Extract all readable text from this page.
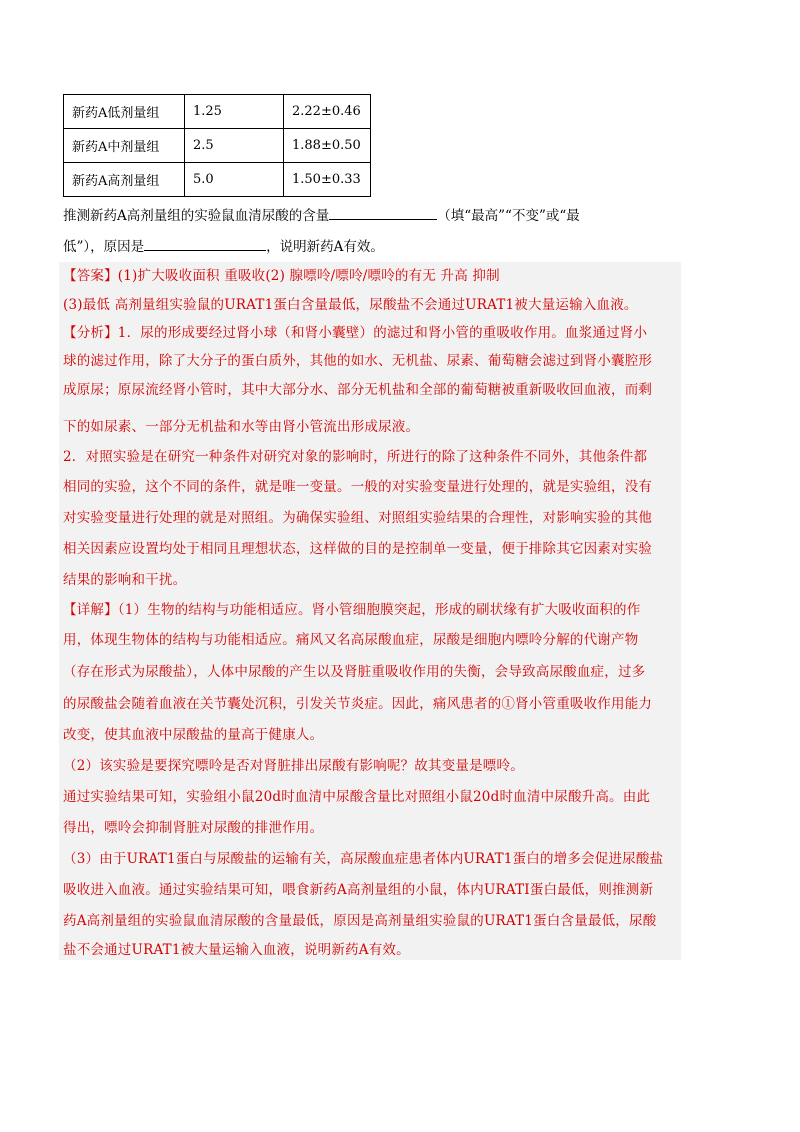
新药A低剂量组	1.25	2.22±0.46
新药A中剂量组	2.5	1.88±0.50
新药A高剂量组	5.0	1.50±0.33
推测新药A高剂量组的实验鼠血清尿酸的含量	（填“最高”“不变”或“最
低”），原因是	，说明新药A有效。
【答案】(1)扩大吸收面积 重吸收(2) 腺嘌呤/嘌呤/嘌呤的有无 升高 抑制
(3)最低 高剂量组实验鼠的URAT1蛋白含量最低，尿酸盐不会通过URAT1被大量运输入血液。
【分析】1．尿的形成要经过肾小球（和肾小囊壁）的滤过和肾小管的重吸收作用。血浆通过肾小
球的滤过作用，除了大分子的蛋白质外，其他的如水、无机盐、尿素、葡萄糖会滤过到肾小囊腔形
成原尿；原尿流经肾小管时，其中大部分水、部分无机盐和全部的葡萄糖被重新吸收回血液，而剩
下的如尿素、一部分无机盐和水等由肾小管流出形成尿液。
2．对照实验是在研究一种条件对研究对象的影响时，所进行的除了这种条件不同外，其他条件都
相同的实验，这个不同的条件，就是唯一变量。一般的对实验变量进行处理的，就是实验组，没有
对实验变量进行处理的就是对照组。为确保实验组、对照组实验结果的合理性，对影响实验的其他
相关因素应设置均处于相同且理想状态，这样做的目的是控制单一变量，便于排除其它因素对实验
结果的影响和干扰。
【详解】（1）生物的结构与功能相适应。肾小管细胞膜突起，形成的刷状缘有扩大吸收面积的作
用，体现生物体的结构与功能相适应。痛风又名高尿酸血症，尿酸是细胞内嘌呤分解的代谢产物
（存在形式为尿酸盐），人体中尿酸的产生以及肾脏重吸收作用的失衡，会导致高尿酸血症，过多
的尿酸盐会随着血液在关节囊处沉积，引发关节炎症。因此，痛风患者的①肾小管重吸收作用能力
改变，使其血液中尿酸盐的量高于健康人。
（2）该实验是要探究嘌呤是否对肾脏排出尿酸有影响呢？故其变量是嘌呤。
通过实验结果可知，实验组小鼠20d时血清中尿酸含量比对照组小鼠20d时血清中尿酸升高。由此
得出，嘌呤会抑制肾脏对尿酸的排泄作用。
（3）由于URAT1蛋白与尿酸盐的运输有关，高尿酸血症患者体内URAT1蛋白的增多会促进尿酸盐
吸收进入血液。通过实验结果可知，喂食新药A高剂量组的小鼠，体内URATI蛋白最低，则推测新
药A高剂量组的实验鼠血清尿酸的含量最低，原因是高剂量组实验鼠的URAT1蛋白含量最低，尿酸
盐不会通过URAT1被大量运输入血液，说明新药A有效。
